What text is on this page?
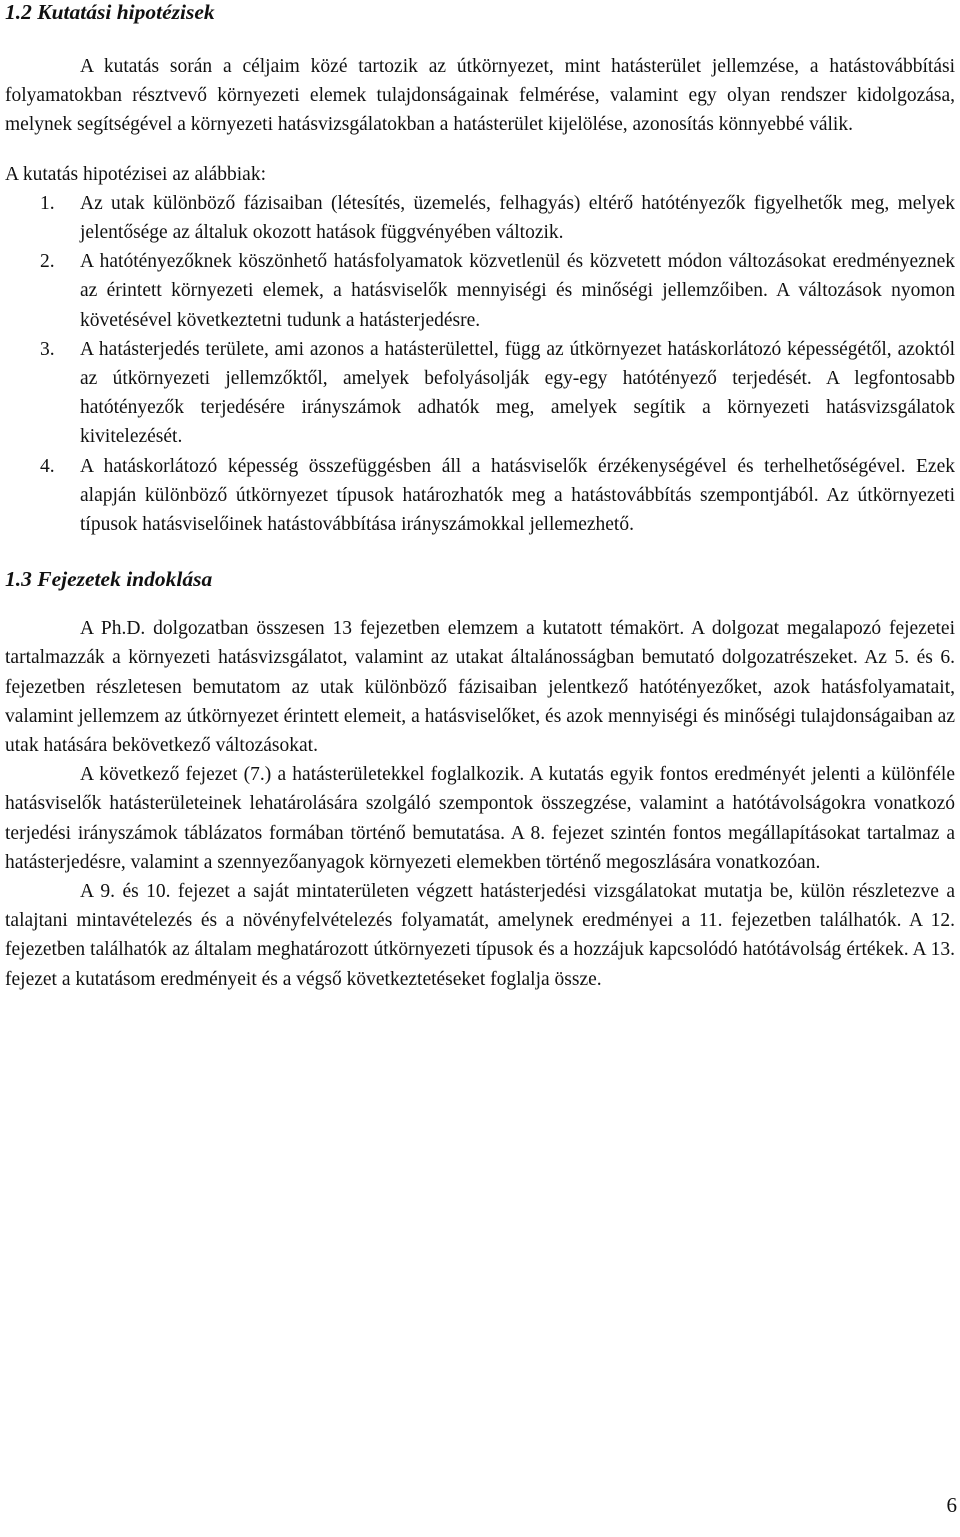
1.2 Kutatási hipotézisek

A kutatás során a céljaim közé tartozik az útkörnyezet, mint hatásterület jellemzése, a hatástovábbítási folyamatokban résztvevő környezeti elemek tulajdonságainak felmérése, valamint egy olyan rendszer kidolgozása, melynek segítségével a környezeti hatásvizsgálatokban a hatásterület kijelölése, azonosítás könnyebbé válik.

A kutatás hipotézisei az alábbiak:

1. Az utak különböző fázisaiban (létesítés, üzemelés, felhagyás) eltérő hatótényezők figyelhetők meg, melyek jelentősége az általuk okozott hatások függvényében változik.
2. A hatótényezőknek köszönhető hatásfolyamatok közvetlenül és közvetett módon változásokat eredményeznek az érintett környezeti elemek, a hatásviselők mennyiségi és minőségi jellemzőiben. A változások nyomon követésével következtetni tudunk a hatásterjedésre.
3. A hatásterjedés területe, ami azonos a hatásterülettel, függ az útkörnyezet hatáskorlátozó képességétől, azoktól az útkörnyezeti jellemzőktől, amelyek befolyásolják egy-egy hatótényező terjedését. A legfontosabb hatótényezők terjedésére irányszámok adhatók meg, amelyek segítik a környezeti hatásvizsgálatok kivitelezését.
4. A hatáskorlátozó képesség összefüggésben áll a hatásviselők érzékenységével és terhelhetőségével. Ezek alapján különböző útkörnyezet típusok határozhatók meg a hatástovábbítás szempontjából. Az útkörnyezeti típusok hatásviselőinek hatástovábbítása irányszámokkal jellemezhető.
1.3 Fejezetek indoklása

A Ph.D. dolgozatban összesen 13 fejezetben elemzem a kutatott témakört. A dolgozat megalapozó fejezetei tartalmazzák a környezeti hatásvizsgálatot, valamint az utakat általánosságban bemutató dolgozatrészeket. Az 5. és 6. fejezetben részletesen bemutatom az utak különböző fázisaiban jelentkező hatótényezőket, azok hatásfolyamatait, valamint jellemzem az útkörnyezet érintett elemeit, a hatásviselőket, és azok mennyiségi és minőségi tulajdonságaiban az utak hatására bekövetkező változásokat.

A következő fejezet (7.) a hatásterületekkel foglalkozik. A kutatás egyik fontos eredményét jelenti a különféle hatásviselők hatásterületeinek lehatárolására szolgáló szempontok összegzése, valamint a hatótávolságokra vonatkozó terjedési irányszámok táblázatos formában történő bemutatása. A 8. fejezet szintén fontos megállapításokat tartalmaz a hatásterjedésre, valamint a szennyezőanyagok környezeti elemekben történő megoszlására vonatkozóan.

A 9. és 10. fejezet a saját mintaterületen végzett hatásterjedési vizsgálatokat mutatja be, külön részletezve a talajtani mintavételezés és a növényfelvételezés folyamatát, amelynek eredményei a 11. fejezetben találhatók. A 12. fejezetben találhatók az általam meghatározott útkörnyezeti típusok és a hozzájuk kapcsolódó hatótávolság értékek. A 13. fejezet a kutatásom eredményeit és a végső következtetéseket foglalja össze.

6
